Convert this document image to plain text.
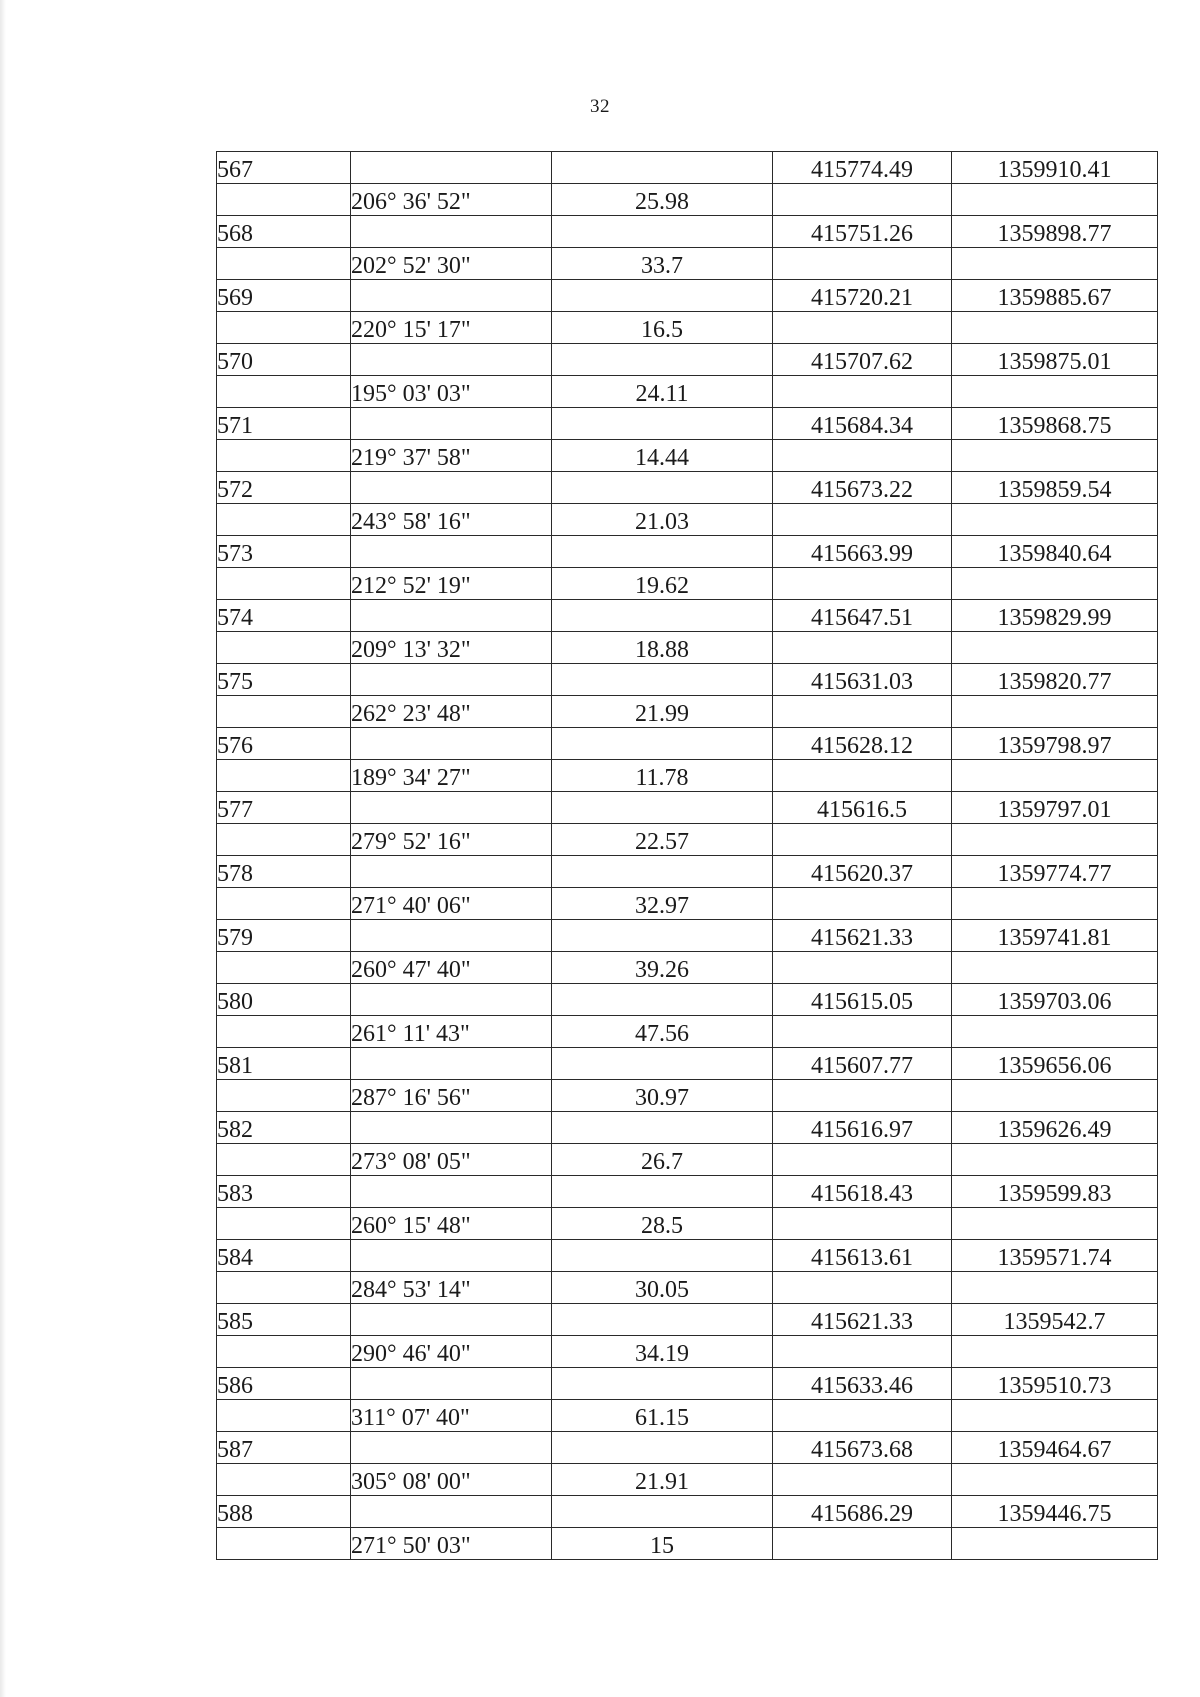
32
567			415774.49	1359910.41
	206° 36' 52"	25.98		
568			415751.26	1359898.77
	202° 52' 30"	33.7		
569			415720.21	1359885.67
	220° 15' 17"	16.5		
570			415707.62	1359875.01
	195° 03' 03"	24.11		
571			415684.34	1359868.75
	219° 37' 58"	14.44		
572			415673.22	1359859.54
	243° 58' 16"	21.03		
573			415663.99	1359840.64
	212° 52' 19"	19.62		
574			415647.51	1359829.99
	209° 13' 32"	18.88		
575			415631.03	1359820.77
	262° 23' 48"	21.99		
576			415628.12	1359798.97
	189° 34' 27"	11.78		
577			415616.5	1359797.01
	279° 52' 16"	22.57		
578			415620.37	1359774.77
	271° 40' 06"	32.97		
579			415621.33	1359741.81
	260° 47' 40"	39.26		
580			415615.05	1359703.06
	261° 11' 43"	47.56		
581			415607.77	1359656.06
	287° 16' 56"	30.97		
582			415616.97	1359626.49
	273° 08' 05"	26.7		
583			415618.43	1359599.83
	260° 15' 48"	28.5		
584			415613.61	1359571.74
	284° 53' 14"	30.05		
585			415621.33	1359542.7
	290° 46' 40"	34.19		
586			415633.46	1359510.73
	311° 07' 40"	61.15		
587			415673.68	1359464.67
	305° 08' 00"	21.91		
588			415686.29	1359446.75
	271° 50' 03"	15		
